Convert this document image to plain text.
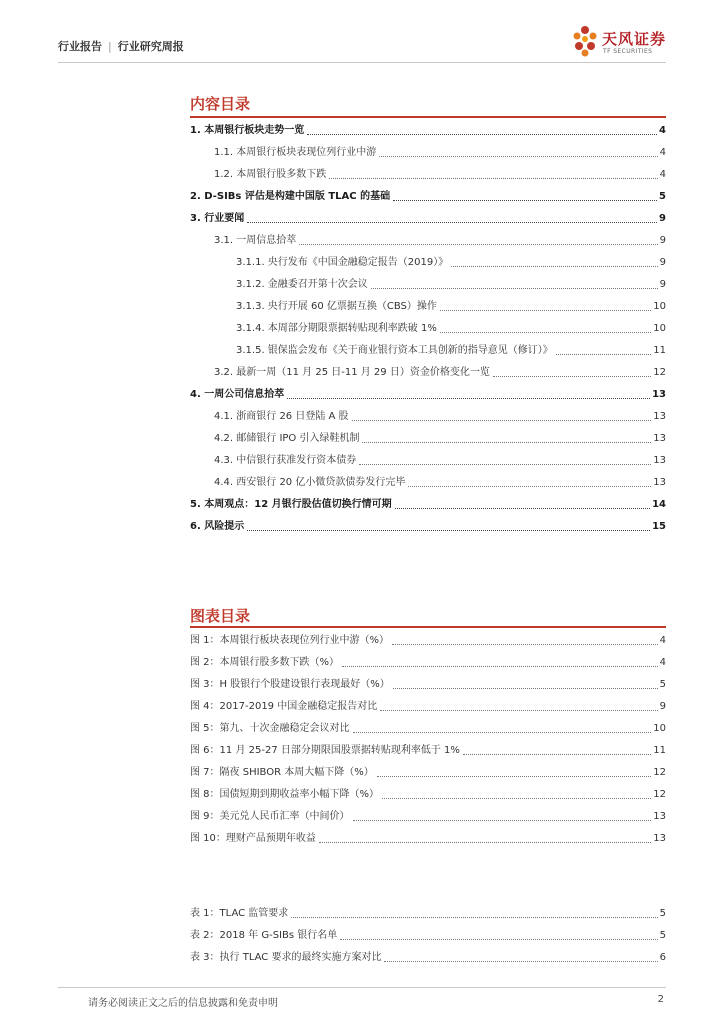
行业报告 | 行业研究周报	天风证券
TF SECURITIES
内容目录
1. 本周银行板块走势一览	4
1.1. 本周银行板块表现位列行业中游	4
1.2. 本周银行股多数下跌	4
2. D-SIBs 评估是构建中国版 TLAC 的基础	5
3. 行业要闻	9
3.1. 一周信息拾萃	9
3.1.1. 央行发布《中国金融稳定报告（2019）》	9
3.1.2. 金融委召开第十次会议	9
3.1.3. 央行开展 60 亿票据互换（CBS）操作	10
3.1.4. 本周部分期限票据转贴现利率跌破 1%	10
3.1.5. 银保监会发布《关于商业银行资本工具创新的指导意见（修订）》	11
3.2. 最新一周（11 月 25 日-11 月 29 日）资金价格变化一览	12
4. 一周公司信息拾萃	13
4.1. 浙商银行 26 日登陆 A 股	13
4.2. 邮储银行 IPO 引入绿鞋机制	13
4.3. 中信银行获准发行资本债券	13
4.4. 西安银行 20 亿小微贷款债券发行完毕	13
5. 本周观点：12 月银行股估值切换行情可期	14
6. 风险提示	15
图表目录
图 1：本周银行板块表现位列行业中游（%）	4
图 2：本周银行股多数下跌（%）	4
图 3：H 股银行个股建设银行表现最好（%）	5
图 4：2017-2019 中国金融稳定报告对比	9
图 5：第九、十次金融稳定会议对比	10
图 6：11 月 25-27 日部分期限国股票据转贴现利率低于 1%	11
图 7：隔夜 SHIBOR 本周大幅下降（%）	12
图 8：国债短期到期收益率小幅下降（%）	12
图 9：美元兑人民币汇率（中间价）	13
图 10：理财产品预期年收益	13
表 1：TLAC 监管要求	5
表 2：2018 年 G-SIBs 银行名单	5
表 3：执行 TLAC 要求的最终实施方案对比	6
请务必阅读正文之后的信息披露和免责申明	2
